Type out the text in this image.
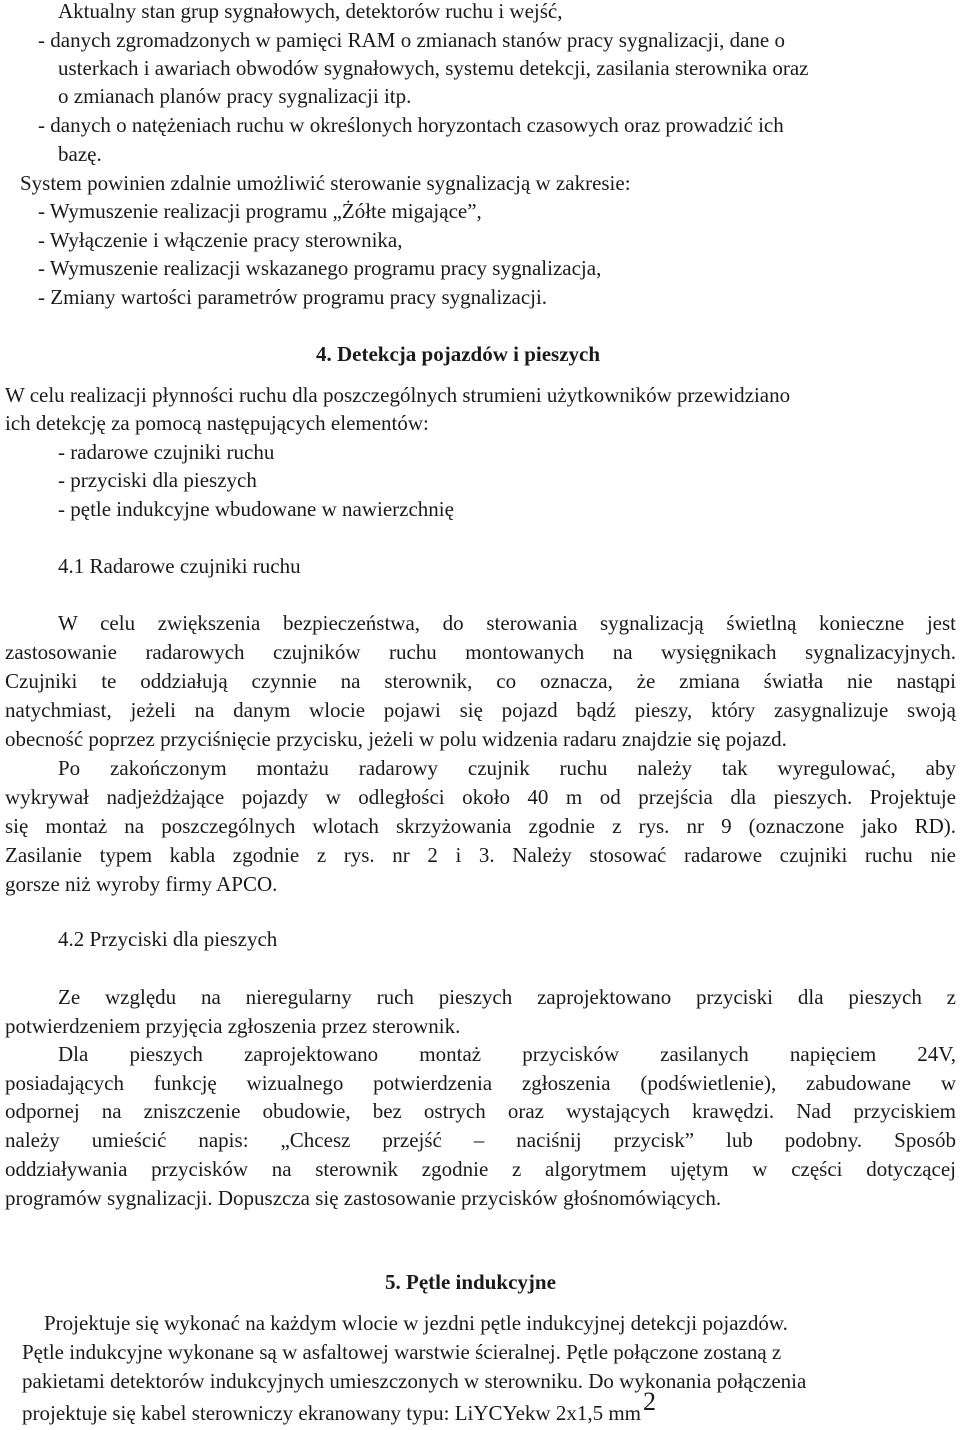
Aktualny stan grup sygnałowych, detektorów ruchu i wejść,
- danych zgromadzonych w pamięci RAM o zmianach stanów pracy sygnalizacji, dane o
usterkach i awariach obwodów sygnałowych, systemu detekcji, zasilania sterownika oraz
o zmianach planów pracy sygnalizacji itp.
- danych o natężeniach ruchu w określonych horyzontach czasowych oraz prowadzić ich
bazę.
System powinien zdalnie umożliwić sterowanie sygnalizacją w zakresie:
- Wymuszenie realizacji programu „Żółte migające”,
- Wyłączenie i włączenie pracy sterownika,
- Wymuszenie realizacji wskazanego programu pracy sygnalizacja,
- Zmiany wartości parametrów programu pracy sygnalizacji.
4. Detekcja pojazdów i pieszych
W celu realizacji płynności ruchu dla poszczególnych strumieni użytkowników przewidziano
ich detekcję za pomocą następujących elementów:
- radarowe czujniki ruchu
- przyciski dla pieszych
- pętle indukcyjne wbudowane w nawierzchnię
4.1 Radarowe czujniki ruchu
W celu zwiększenia bezpieczeństwa, do sterowania sygnalizacją świetlną konieczne jest
zastosowanie radarowych czujników ruchu montowanych na wysięgnikach sygnalizacyjnych.
Czujniki te oddziałują czynnie na sterownik, co oznacza, że zmiana światła nie nastąpi
natychmiast, jeżeli na danym wlocie pojawi się pojazd bądź pieszy, który zasygnalizuje swoją
obecność poprzez przyciśnięcie przycisku, jeżeli w polu widzenia radaru znajdzie się pojazd.
Po zakończonym montażu radarowy czujnik ruchu należy tak wyregulować, aby
wykrywał nadjeżdżające pojazdy w odległości około 40 m od przejścia dla pieszych. Projektuje
się montaż na poszczególnych wlotach skrzyżowania zgodnie z rys. nr 9 (oznaczone jako RD).
Zasilanie typem kabla zgodnie z rys. nr 2 i 3. Należy stosować radarowe czujniki ruchu nie
gorsze niż wyroby firmy APCO.
4.2 Przyciski dla pieszych
Ze względu na nieregularny ruch pieszych zaprojektowano przyciski dla pieszych z
potwierdzeniem przyjęcia zgłoszenia przez sterownik.
Dla pieszych zaprojektowano montaż przycisków zasilanych napięciem 24V,
posiadających funkcję wizualnego potwierdzenia zgłoszenia (podświetlenie), zabudowane w
odpornej na zniszczenie obudowie, bez ostrych oraz wystających krawędzi. Nad przyciskiem
należy umieścić napis: „Chcesz przejść – naciśnij przycisk” lub podobny. Sposób
oddziaływania przycisków na sterownik zgodnie z algorytmem ujętym w części dotyczącej
programów sygnalizacji. Dopuszcza się zastosowanie przycisków głośnomówiących.
5. Pętle indukcyjne
Projektuje się wykonać na każdym wlocie w jezdni pętle indukcyjnej detekcji pojazdów.
Pętle indukcyjne wykonane są w asfaltowej warstwie ścieralnej. Pętle połączone zostaną z
pakietami detektorów indukcyjnych umieszczonych w sterowniku. Do wykonania połączenia
projektuje się kabel sterowniczy ekranowany typu: LiYCYekw 2x1,5 mm2
